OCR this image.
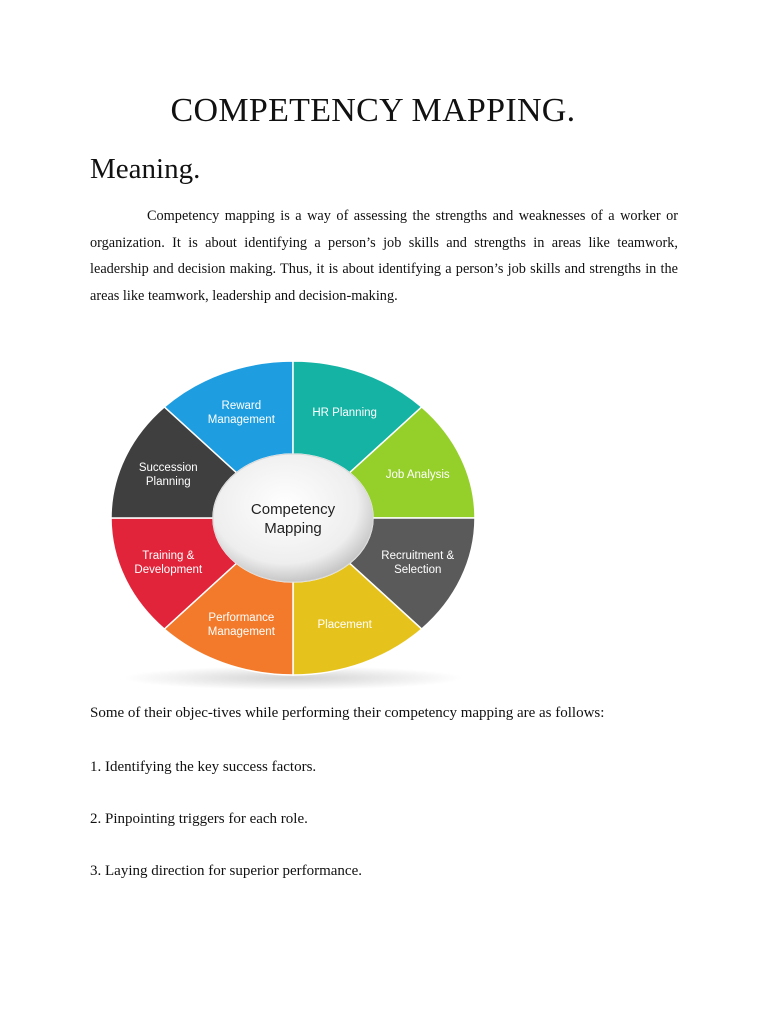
COMPETENCY MAPPING.
Meaning.

Competency mapping is a way of assessing the strengths and weaknesses of a worker or organization. It is about identifying a person’s job skills and strengths in areas like teamwork, leadership and decision making. Thus, it is about identifying a person’s job skills and strengths in the areas like teamwork, leadership and decision-making.

Reward
Management
HR Planning
Job Analysis
Recruitment &
Selection
Placement
Performance
Management
Training &
Development
Succession
Planning
Competency
Mapping
Some of their objec-tives while performing their competency mapping are as follows:
1. Identifying the key success factors.
2. Pinpointing triggers for each role.
3. Laying direction for superior performance.
